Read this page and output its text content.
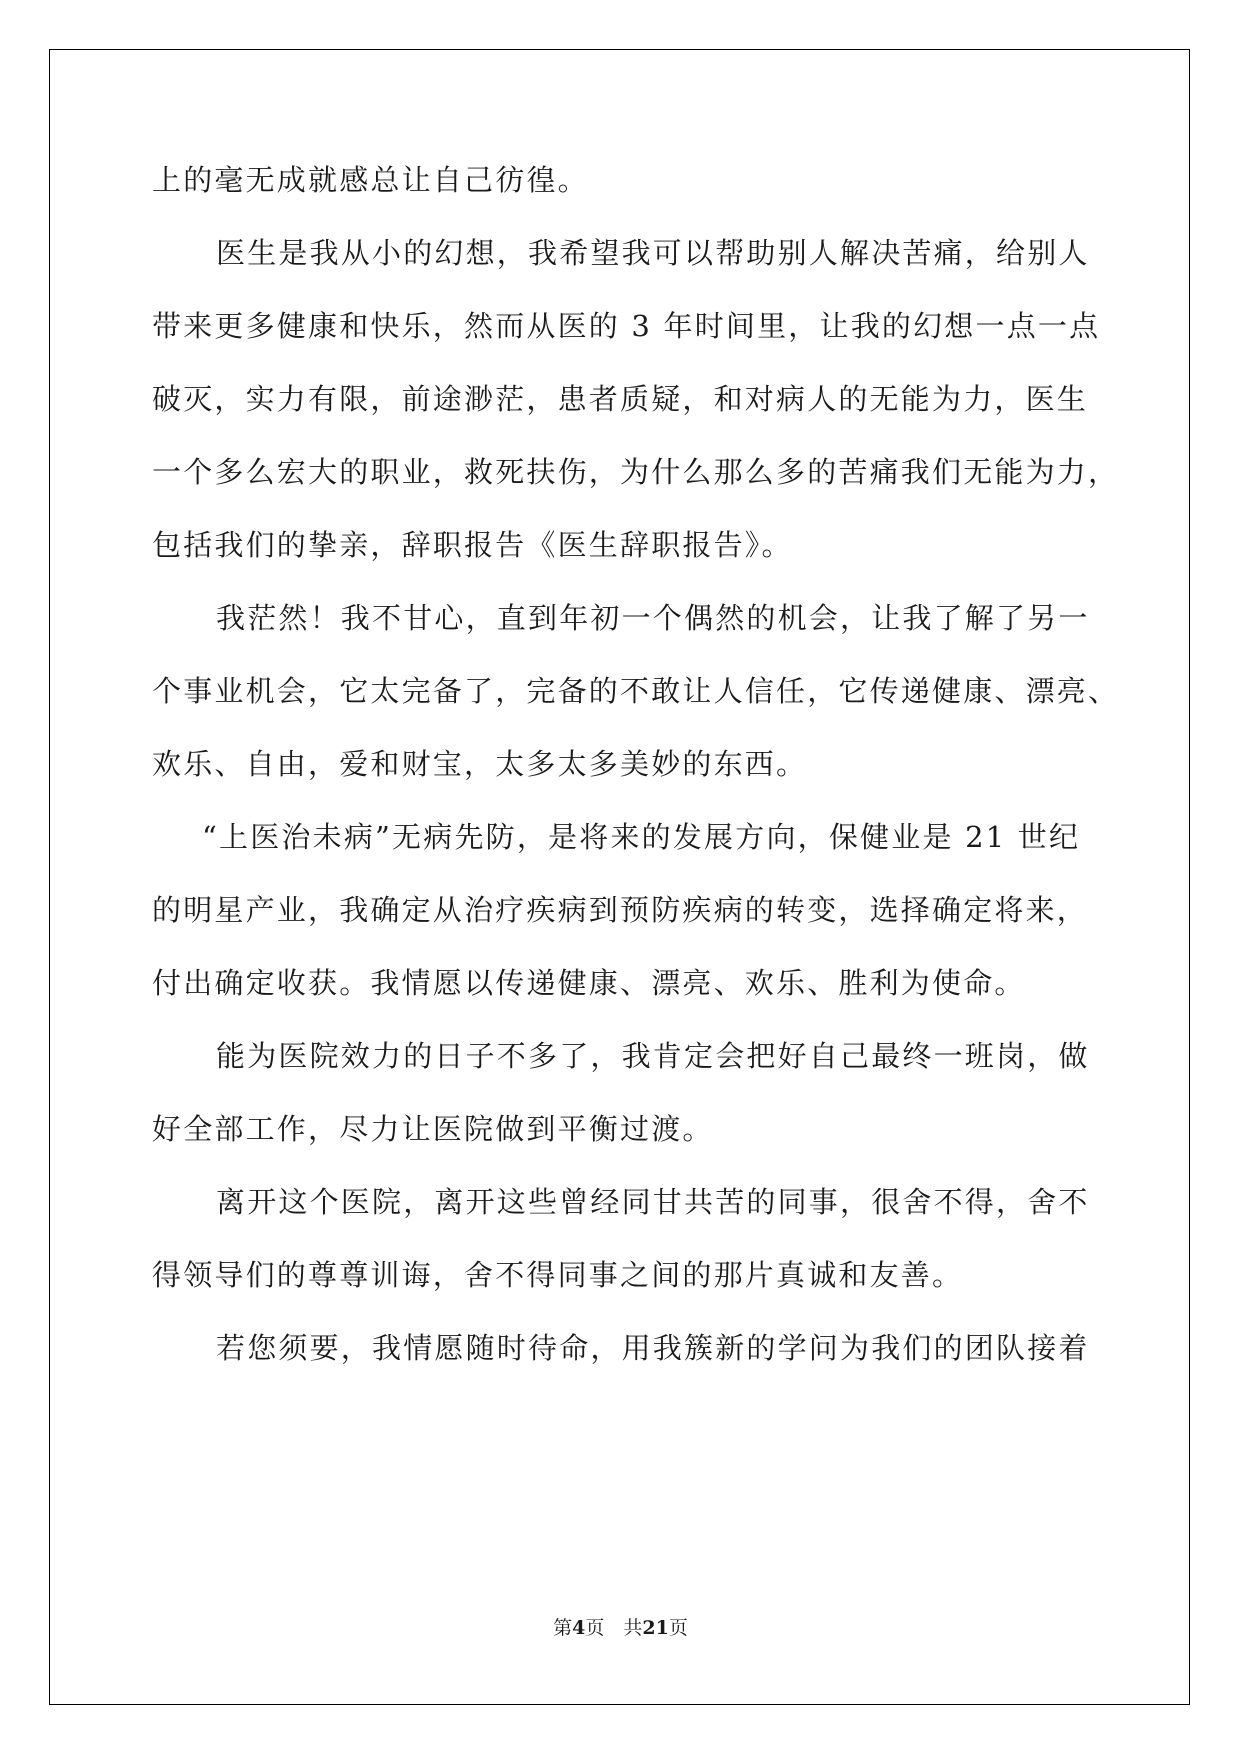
上的毫无成就感总让自己彷徨。
医生是我从小的幻想，我希望我可以帮助别人解决苦痛，给别人
带来更多健康和快乐，然而从医的 3 年时间里，让我的幻想一点一点
破灭，实力有限，前途渺茫，患者质疑，和对病人的无能为力，医生
一个多么宏大的职业，救死扶伤，为什么那么多的苦痛我们无能为力，
包括我们的挚亲，辞职报告《医生辞职报告》。
我茫然！我不甘心，直到年初一个偶然的机会，让我了解了另一
个事业机会，它太完备了，完备的不敢让人信任，它传递健康、漂亮、
欢乐、自由，爱和财宝，太多太多美妙的东西。
“上医治未病”无病先防，是将来的发展方向，保健业是 21 世纪
的明星产业，我确定从治疗疾病到预防疾病的转变，选择确定将来，
付出确定收获。我情愿以传递健康、漂亮、欢乐、胜利为使命。
能为医院效力的日子不多了，我肯定会把好自己最终一班岗，做
好全部工作，尽力让医院做到平衡过渡。
离开这个医院，离开这些曾经同甘共苦的同事，很舍不得，舍不
得领导们的尊尊训诲，舍不得同事之间的那片真诚和友善。
若您须要，我情愿随时待命，用我簇新的学问为我们的团队接着
第4页　共21页
